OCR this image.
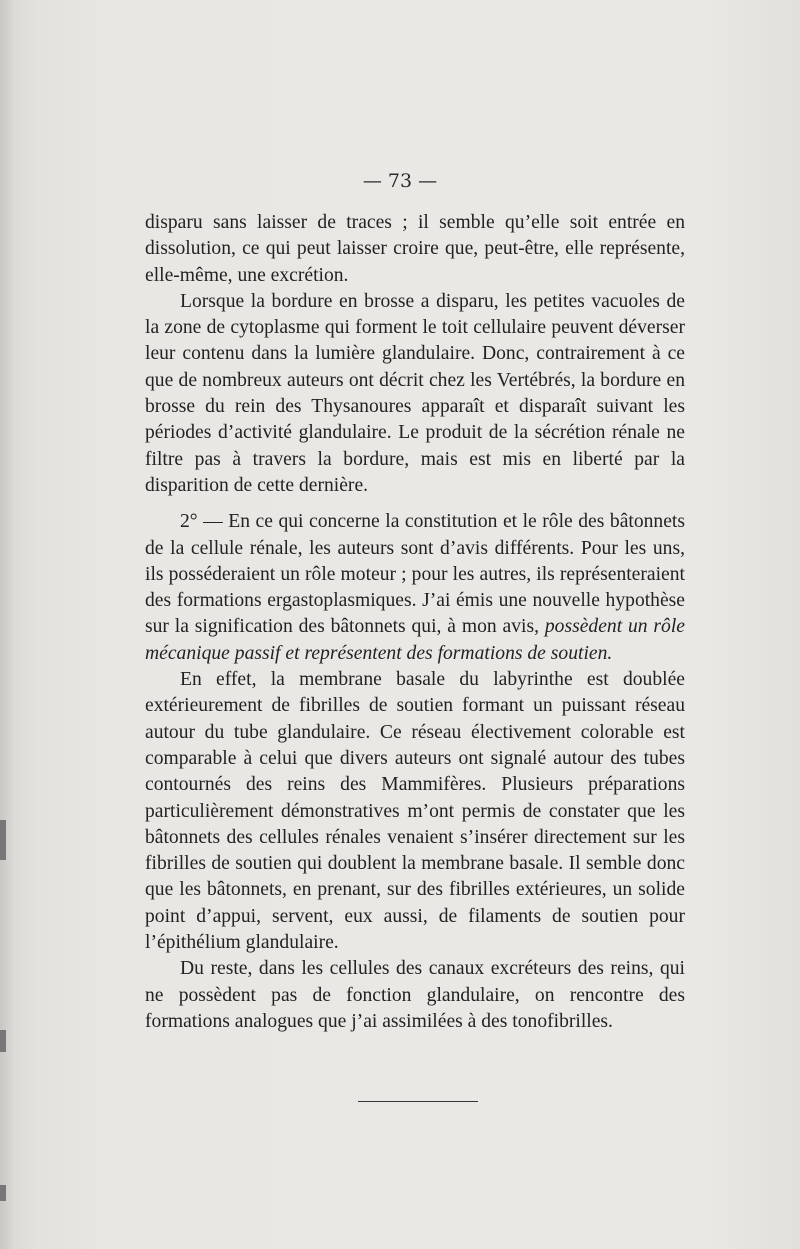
— 73 —

disparu sans laisser de traces ; il semble qu’elle soit entrée en dissolution, ce qui peut laisser croire que, peut-être, elle représente, elle-même, une excrétion.

Lorsque la bordure en brosse a disparu, les petites vacuoles de la zone de cytoplasme qui forment le toit cellulaire peuvent déverser leur contenu dans la lumière glandulaire. Donc, contrairement à ce que de nombreux auteurs ont décrit chez les Vertébrés, la bordure en brosse du rein des Thysanoures apparaît et disparaît suivant les périodes d’activité glandulaire. Le produit de la sécrétion rénale ne filtre pas à travers la bordure, mais est mis en liberté par la disparition de cette dernière.

2° — En ce qui concerne la constitution et le rôle des bâtonnets de la cellule rénale, les auteurs sont d’avis différents. Pour les uns, ils posséderaient un rôle moteur ; pour les autres, ils représenteraient des formations ergastoplasmiques. J’ai émis une nouvelle hypothèse sur la signification des bâtonnets qui, à mon avis, possèdent un rôle mécanique passif et représentent des formations de soutien.

En effet, la membrane basale du labyrinthe est doublée extérieurement de fibrilles de soutien formant un puissant réseau autour du tube glandulaire. Ce réseau électivement colorable est comparable à celui que divers auteurs ont signalé autour des tubes contournés des reins des Mammifères. Plusieurs préparations particulièrement démonstratives m’ont permis de constater que les bâtonnets des cellules rénales venaient s’insérer directement sur les fibrilles de soutien qui doublent la membrane basale. Il semble donc que les bâtonnets, en prenant, sur des fibrilles extérieures, un solide point d’appui, servent, eux aussi, de filaments de soutien pour l’épithélium glandulaire.

Du reste, dans les cellules des canaux excréteurs des reins, qui ne possèdent pas de fonction glandulaire, on rencontre des formations analogues que j’ai assimilées à des tonofibrilles.
